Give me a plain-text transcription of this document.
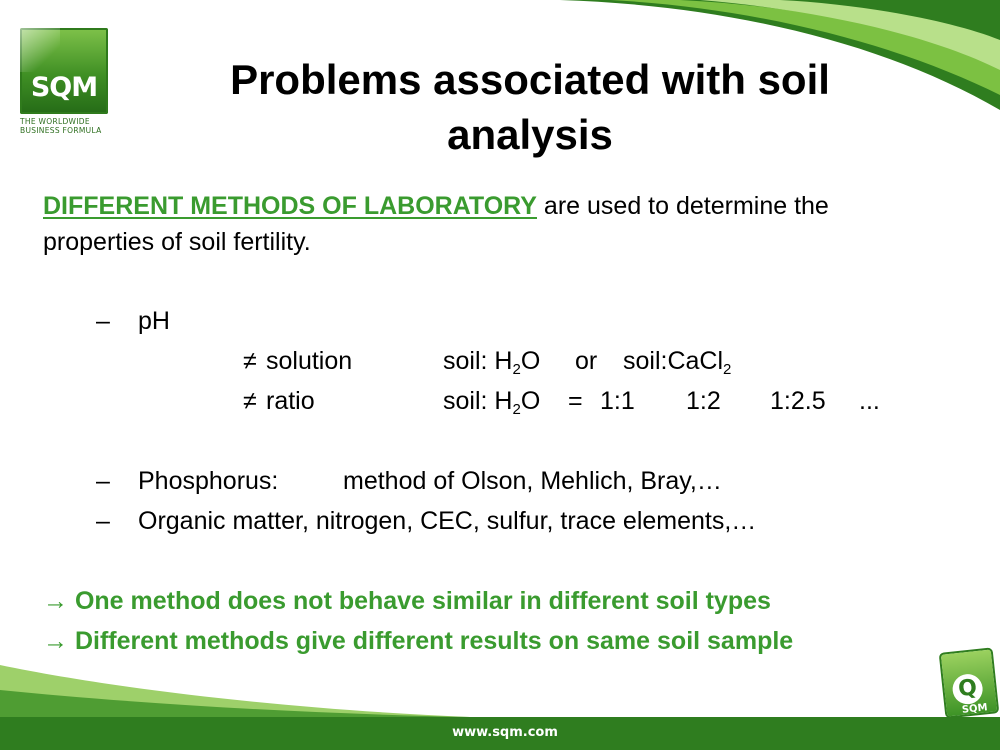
SQM
THE WORLDWIDE
BUSINESS FORMULA
Problems associated with soil
analysis
DIFFERENT METHODS OF LABORATORY are used to determine the properties of soil fertility.
– pH
≠ solution	soil: $H_2O$ or soil:CaCl$_2$
≠ ratio	soil: $H_2O$ = 1:1 1:2 1:2.5 ...
– Phosphorus:	method of Olson, Mehlich, Bray,…
– Organic matter, nitrogen, CEC, sulfur, trace elements,…
→ One method does not behave similar in different soil types
→ Different methods give different results on same soil sample
Q
SQM
www.sqm.com
